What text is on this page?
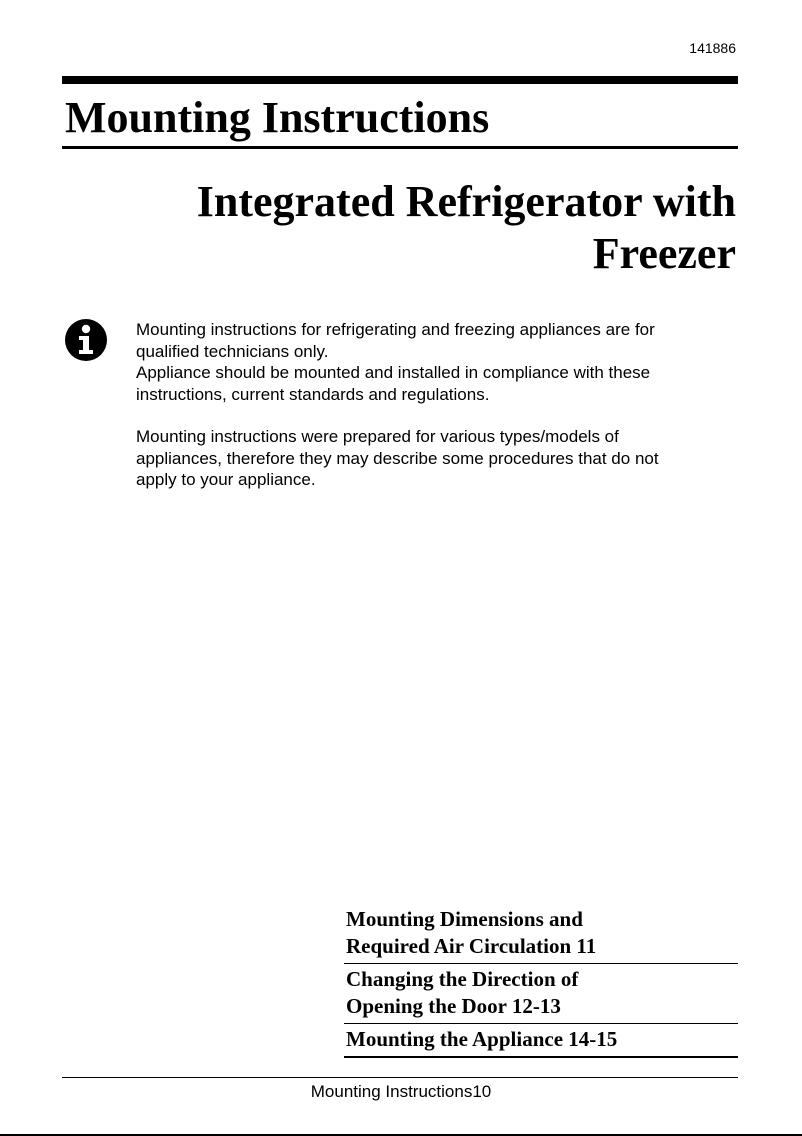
141886
Mounting Instructions
Integrated Refrigerator with
Freezer

Mounting instructions for refrigerating and freezing appliances are for

qualified technicians only.

Appliance should be mounted and installed in compliance with these

instructions, current standards and regulations.

Mounting instructions were prepared for various types/models of

appliances, therefore they may describe some procedures that do not

apply to your appliance.

Mounting Dimensions and
Required Air Circulation 11
Changing the Direction of
Opening the Door 12-13
Mounting the Appliance 14-15
Mounting Instructions10
